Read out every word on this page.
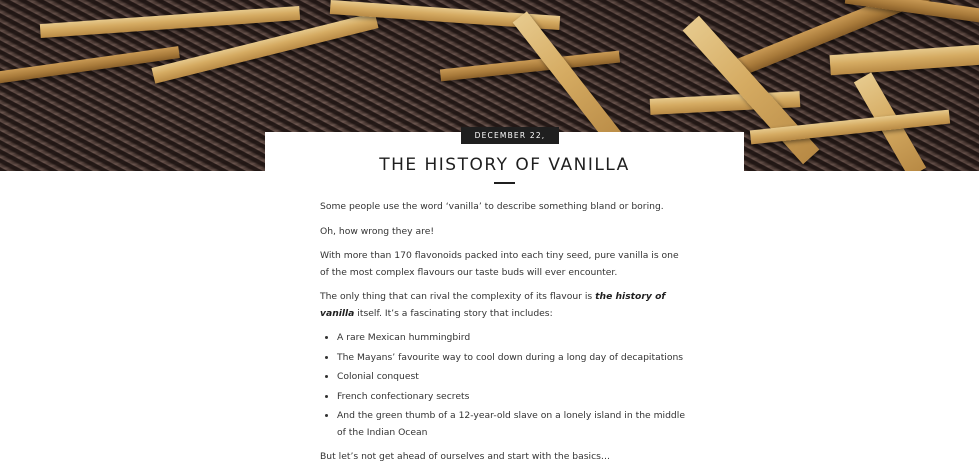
DECEMBER 22, 2018
THE HISTORY OF VANILLA

Some people use the word ‘vanilla’ to describe something bland or boring.

Oh, how wrong they are!

With more than 170 flavonoids packed into each tiny seed, pure vanilla is one of the most complex flavours our taste buds will ever encounter.

The only thing that can rival the complexity of its flavour is the history of vanilla itself. It’s a fascinating story that includes:

• A rare Mexican hummingbird
• The Mayans’ favourite way to cool down during a long day of decapitations
• Colonial conquest
• French confectionary secrets
• And the green thumb of a 12-year-old slave on a lonely island in the middle of the Indian Ocean

But let’s not get ahead of ourselves and start with the basics…
